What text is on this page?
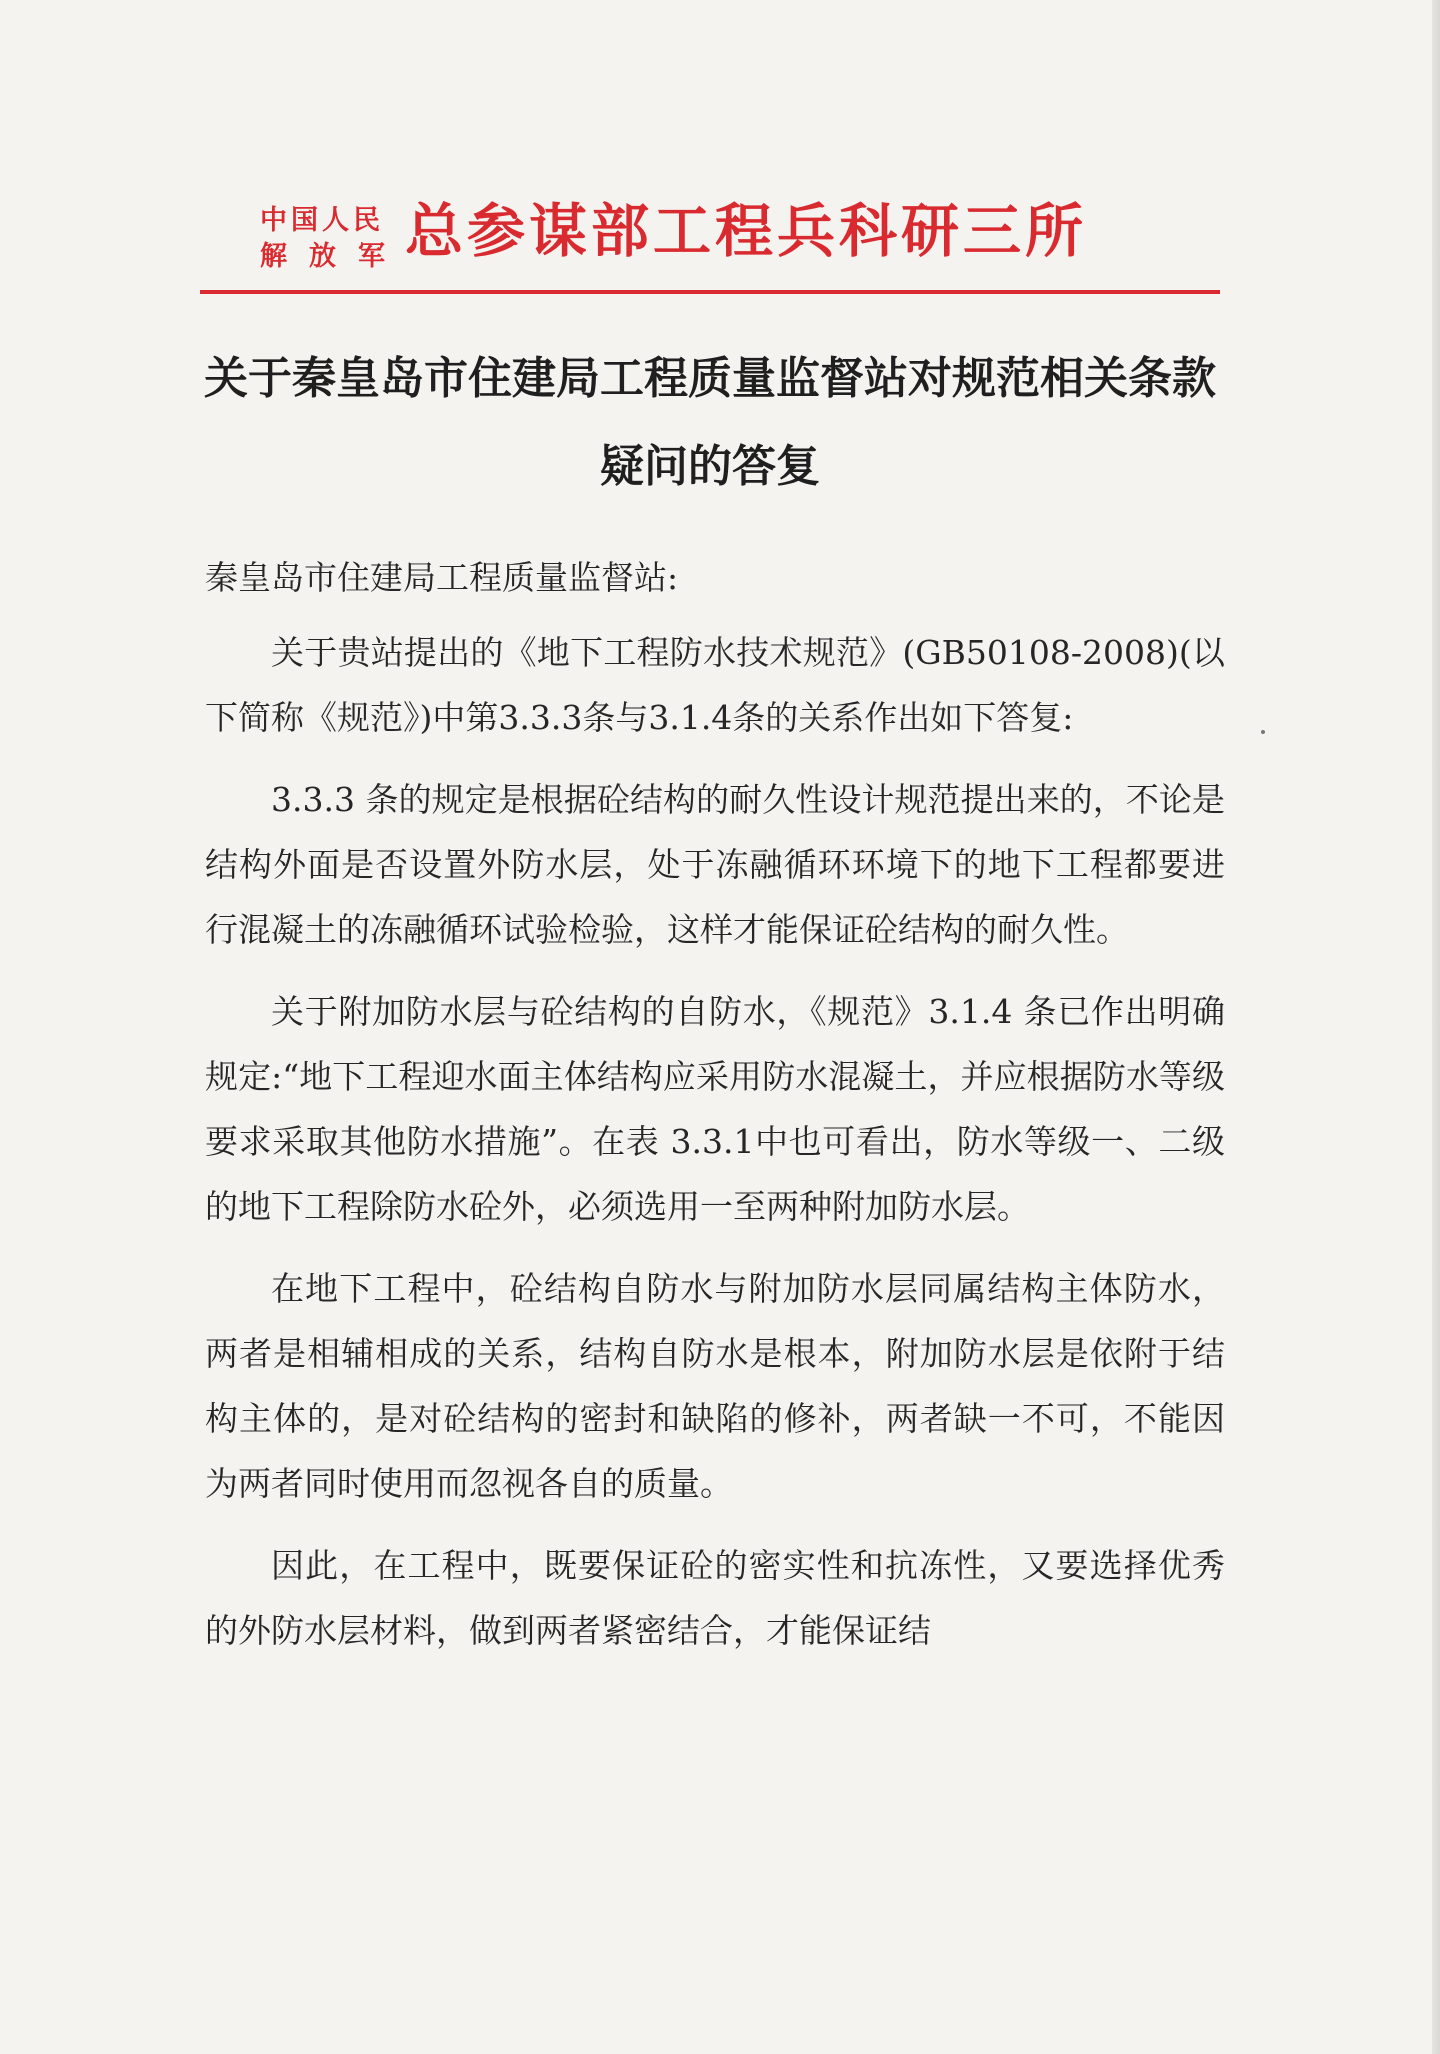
中国人民
解放军
总参谋部工程兵科研三所
关于秦皇岛市住建局工程质量监督站对规范相关条款疑问的答复
秦皇岛市住建局工程质量监督站:

关于贵站提出的《地下工程防水技术规范》(GB50108-2008)(以下简称《规范》)中第3.3.3条与3.1.4条的关系作出如下答复:

3.3.3 条的规定是根据砼结构的耐久性设计规范提出来的，不论是结构外面是否设置外防水层，处于冻融循环环境下的地下工程都要进行混凝土的冻融循环试验检验，这样才能保证砼结构的耐久性。

关于附加防水层与砼结构的自防水，《规范》3.1.4 条已作出明确规定:“地下工程迎水面主体结构应采用防水混凝土，并应根据防水等级要求采取其他防水措施”。在表 3.3.1中也可看出，防水等级一、二级的地下工程除防水砼外，必须选用一至两种附加防水层。

在地下工程中，砼结构自防水与附加防水层同属结构主体防水，两者是相辅相成的关系，结构自防水是根本，附加防水层是依附于结构主体的，是对砼结构的密封和缺陷的修补，两者缺一不可，不能因为两者同时使用而忽视各自的质量。

因此，在工程中，既要保证砼的密实性和抗冻性，又要选择优秀的外防水层材料，做到两者紧密结合，才能保证结
